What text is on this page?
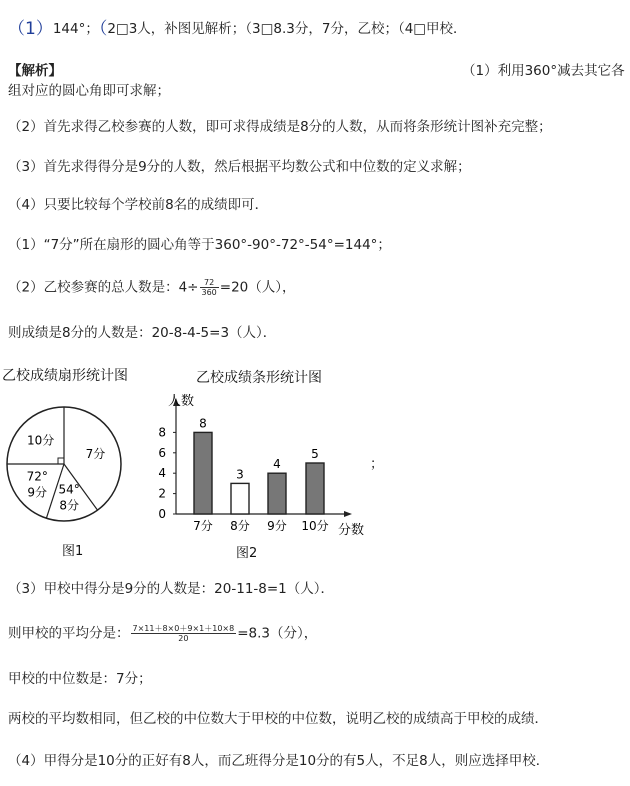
（1）144°；（2□3人，补图见解析；（3□8.3分，7分，乙校；（4□甲校．
【解析】	（1）利用360°减去其它各
组对应的圆心角即可求解；
（2）首先求得乙校参赛的人数，即可求得成绩是8分的人数，从而将条形统计图补充完整；
（3）首先求得得分是9分的人数，然后根据平均数公式和中位数的定义求解；
（4）只要比较每个学校前8名的成绩即可．
（1）“7分”所在扇形的圆心角等于360°-90°-72°-54°=144°；
（2）乙校参赛的总人数是：$4\div \frac{72}{360} =20$（人），
则成绩是8分的人数是：20-8-4-5=3（人）．
乙校成绩扇形统计图	乙校成绩条形统计图
10分
7分
54°
8分
72°
9分
人数
分数
0
2
4
6
8
8
7分
3
8分
4
9分
5
10分
；
图1	图2
（3）甲校中得分是9分的人数是：20-11-8=1（人）．
则甲校的平均分是： $\frac{7\times 11+8\times 0+9\times 1+10\times 8}{20} =8.3$（分），
甲校的中位数是：7分；
两校的平均数相同，但乙校的中位数大于甲校的中位数，说明乙校的成绩高于甲校的成绩．
（4）甲得分是10分的正好有8人，而乙班得分是10分的有5人，不足8人，则应选择甲校．
